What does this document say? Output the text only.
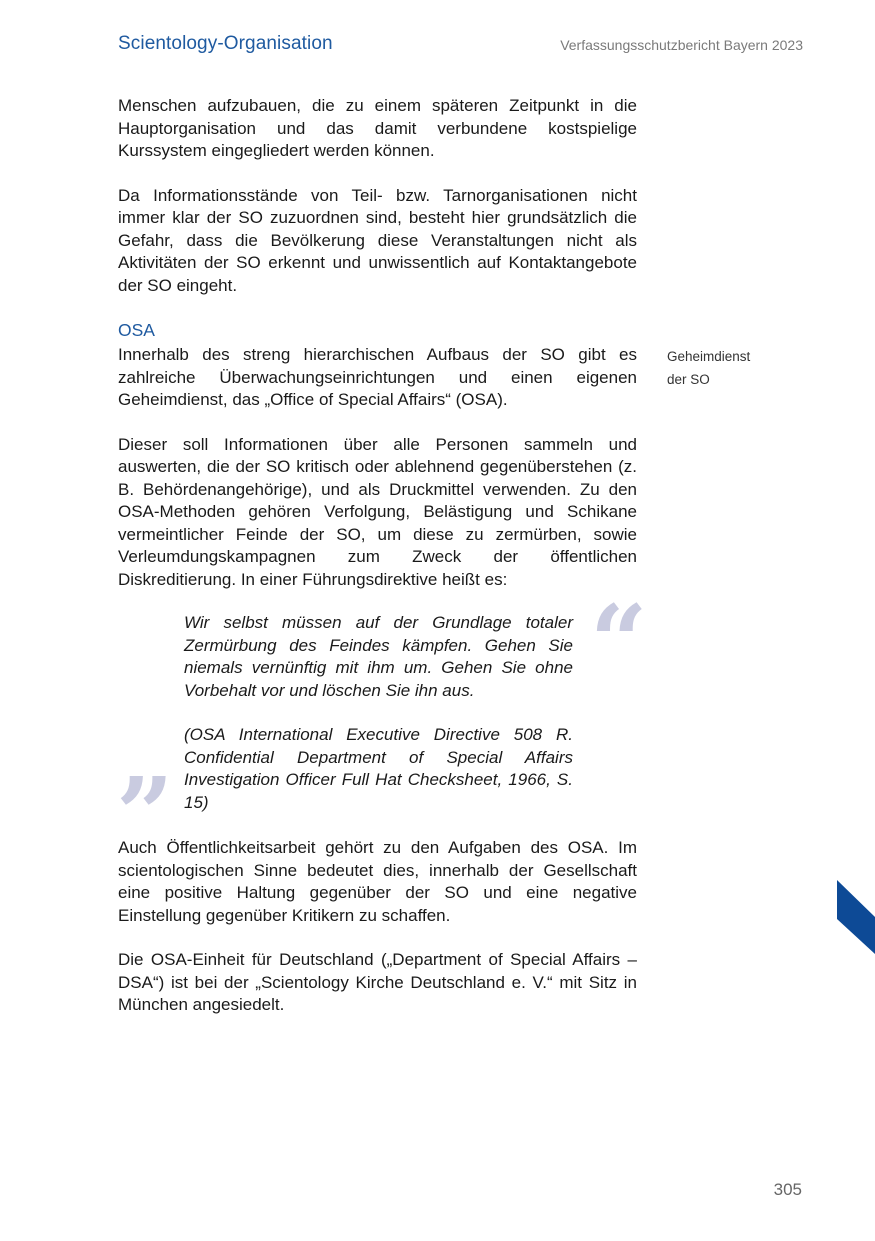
Scientology-Organisation	Verfassungsschutzbericht Bayern 2023

Menschen aufzubauen, die zu einem späteren Zeitpunkt in die Hauptorganisation und das damit verbundene kostspielige Kurssystem eingegliedert werden können.

Da Informationsstände von Teil- bzw. Tarnorganisationen nicht immer klar der SO zuzuordnen sind, besteht hier grundsätzlich die Gefahr, dass die Bevölkerung diese Veranstaltungen nicht als Aktivitäten der SO erkennt und unwissentlich auf Kontaktangebote der SO eingeht.

OSA
Geheimdienst
der SO

Innerhalb des streng hierarchischen Aufbaus der SO gibt es zahlreiche Überwachungseinrichtungen und einen eigenen Geheimdienst, das „Office of Special Affairs“ (OSA).

Dieser soll Informationen über alle Personen sammeln und auswerten, die der SO kritisch oder ablehnend gegenüberstehen (z. B. Behördenangehörige), und als Druckmittel verwenden. Zu den OSA-Methoden gehören Verfolgung, Belästigung und Schikane vermeintlicher Feinde der SO, um diese zu zermürben, sowie Verleumdungskampagnen zum Zweck der öffentlichen Diskreditierung. In einer Führungsdirektive heißt es:

“

Wir selbst müssen auf der Grundlage totaler Zermürbung des Feindes kämpfen. Gehen Sie niemals vernünftig mit ihm um. Gehen Sie ohne Vorbehalt vor und löschen Sie ihn aus.

(OSA International Executive Directive 508 R. Confidential Department of Special Affairs Investigation Officer Full Hat Checksheet, 1966, S. 15)

”

Auch Öffentlichkeitsarbeit gehört zu den Aufgaben des OSA. Im scientologischen Sinne bedeutet dies, innerhalb der Gesellschaft eine positive Haltung gegenüber der SO und eine negative Einstellung gegenüber Kritikern zu schaffen.

Die OSA-Einheit für Deutschland („Department of Special Affairs – DSA“) ist bei der „Scientology Kirche Deutschland e. V.“ mit Sitz in München angesiedelt.

305
